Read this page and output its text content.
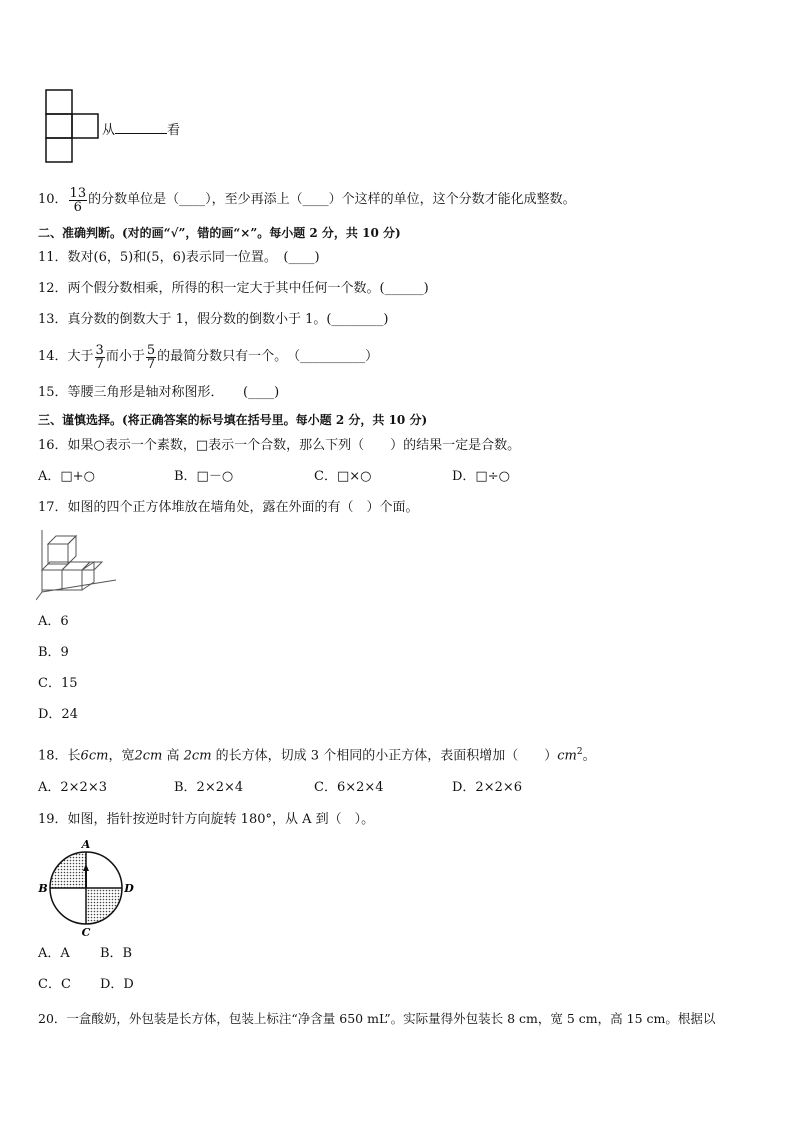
从	看
10． $\frac{13}{6}$ 的分数单位是（____），至少再添上（____）个这样的单位，这个分数才能化成整数。
二、准确判断。(对的画“√”，错的画“×”。每小题 2 分，共 10 分)
11．数对(6，5)和(5，6)表示同一位置。　(____)
12．两个假分数相乘，所得的积一定大于其中任何一个数。(______)
13．真分数的倒数大于 1，假分数的倒数小于 1。(________)
14．大于 $\frac{3}{7}$ 而小于 $\frac{5}{7}$ 的最简分数只有一个。　（__________）
15．等腰三角形是轴对称图形．　　(____)
三、谨慎选择。(将正确答案的标号填在括号里。每小题 2 分，共 10 分)
16．如果○表示一个素数，□表示一个合数，那么下列（　　）的结果一定是合数。
A．□+○	B．□－○	C．□×○	D．□÷○
17．如图的四个正方体堆放在墙角处，露在外面的有（　）个面。
A．6
B．9
C．15
D．24
18．长6cm，宽2cm 高 2cm 的长方体，切成 3 个相同的小正方体，表面积增加（　　）$cm^2$。
A．2×2×3	B．2×2×4	C．6×2×4	D．2×2×6
19．如图，指针按逆时针方向旋转 180°，从 A 到（　）。
A
B	D
C
A．A B．B
C．C D．D
20．一盒酸奶，外包装是长方体，包装上标注“净含量 650 mL”。实际量得外包装长 8 cm，宽 5 cm，高 15 cm。根据以
